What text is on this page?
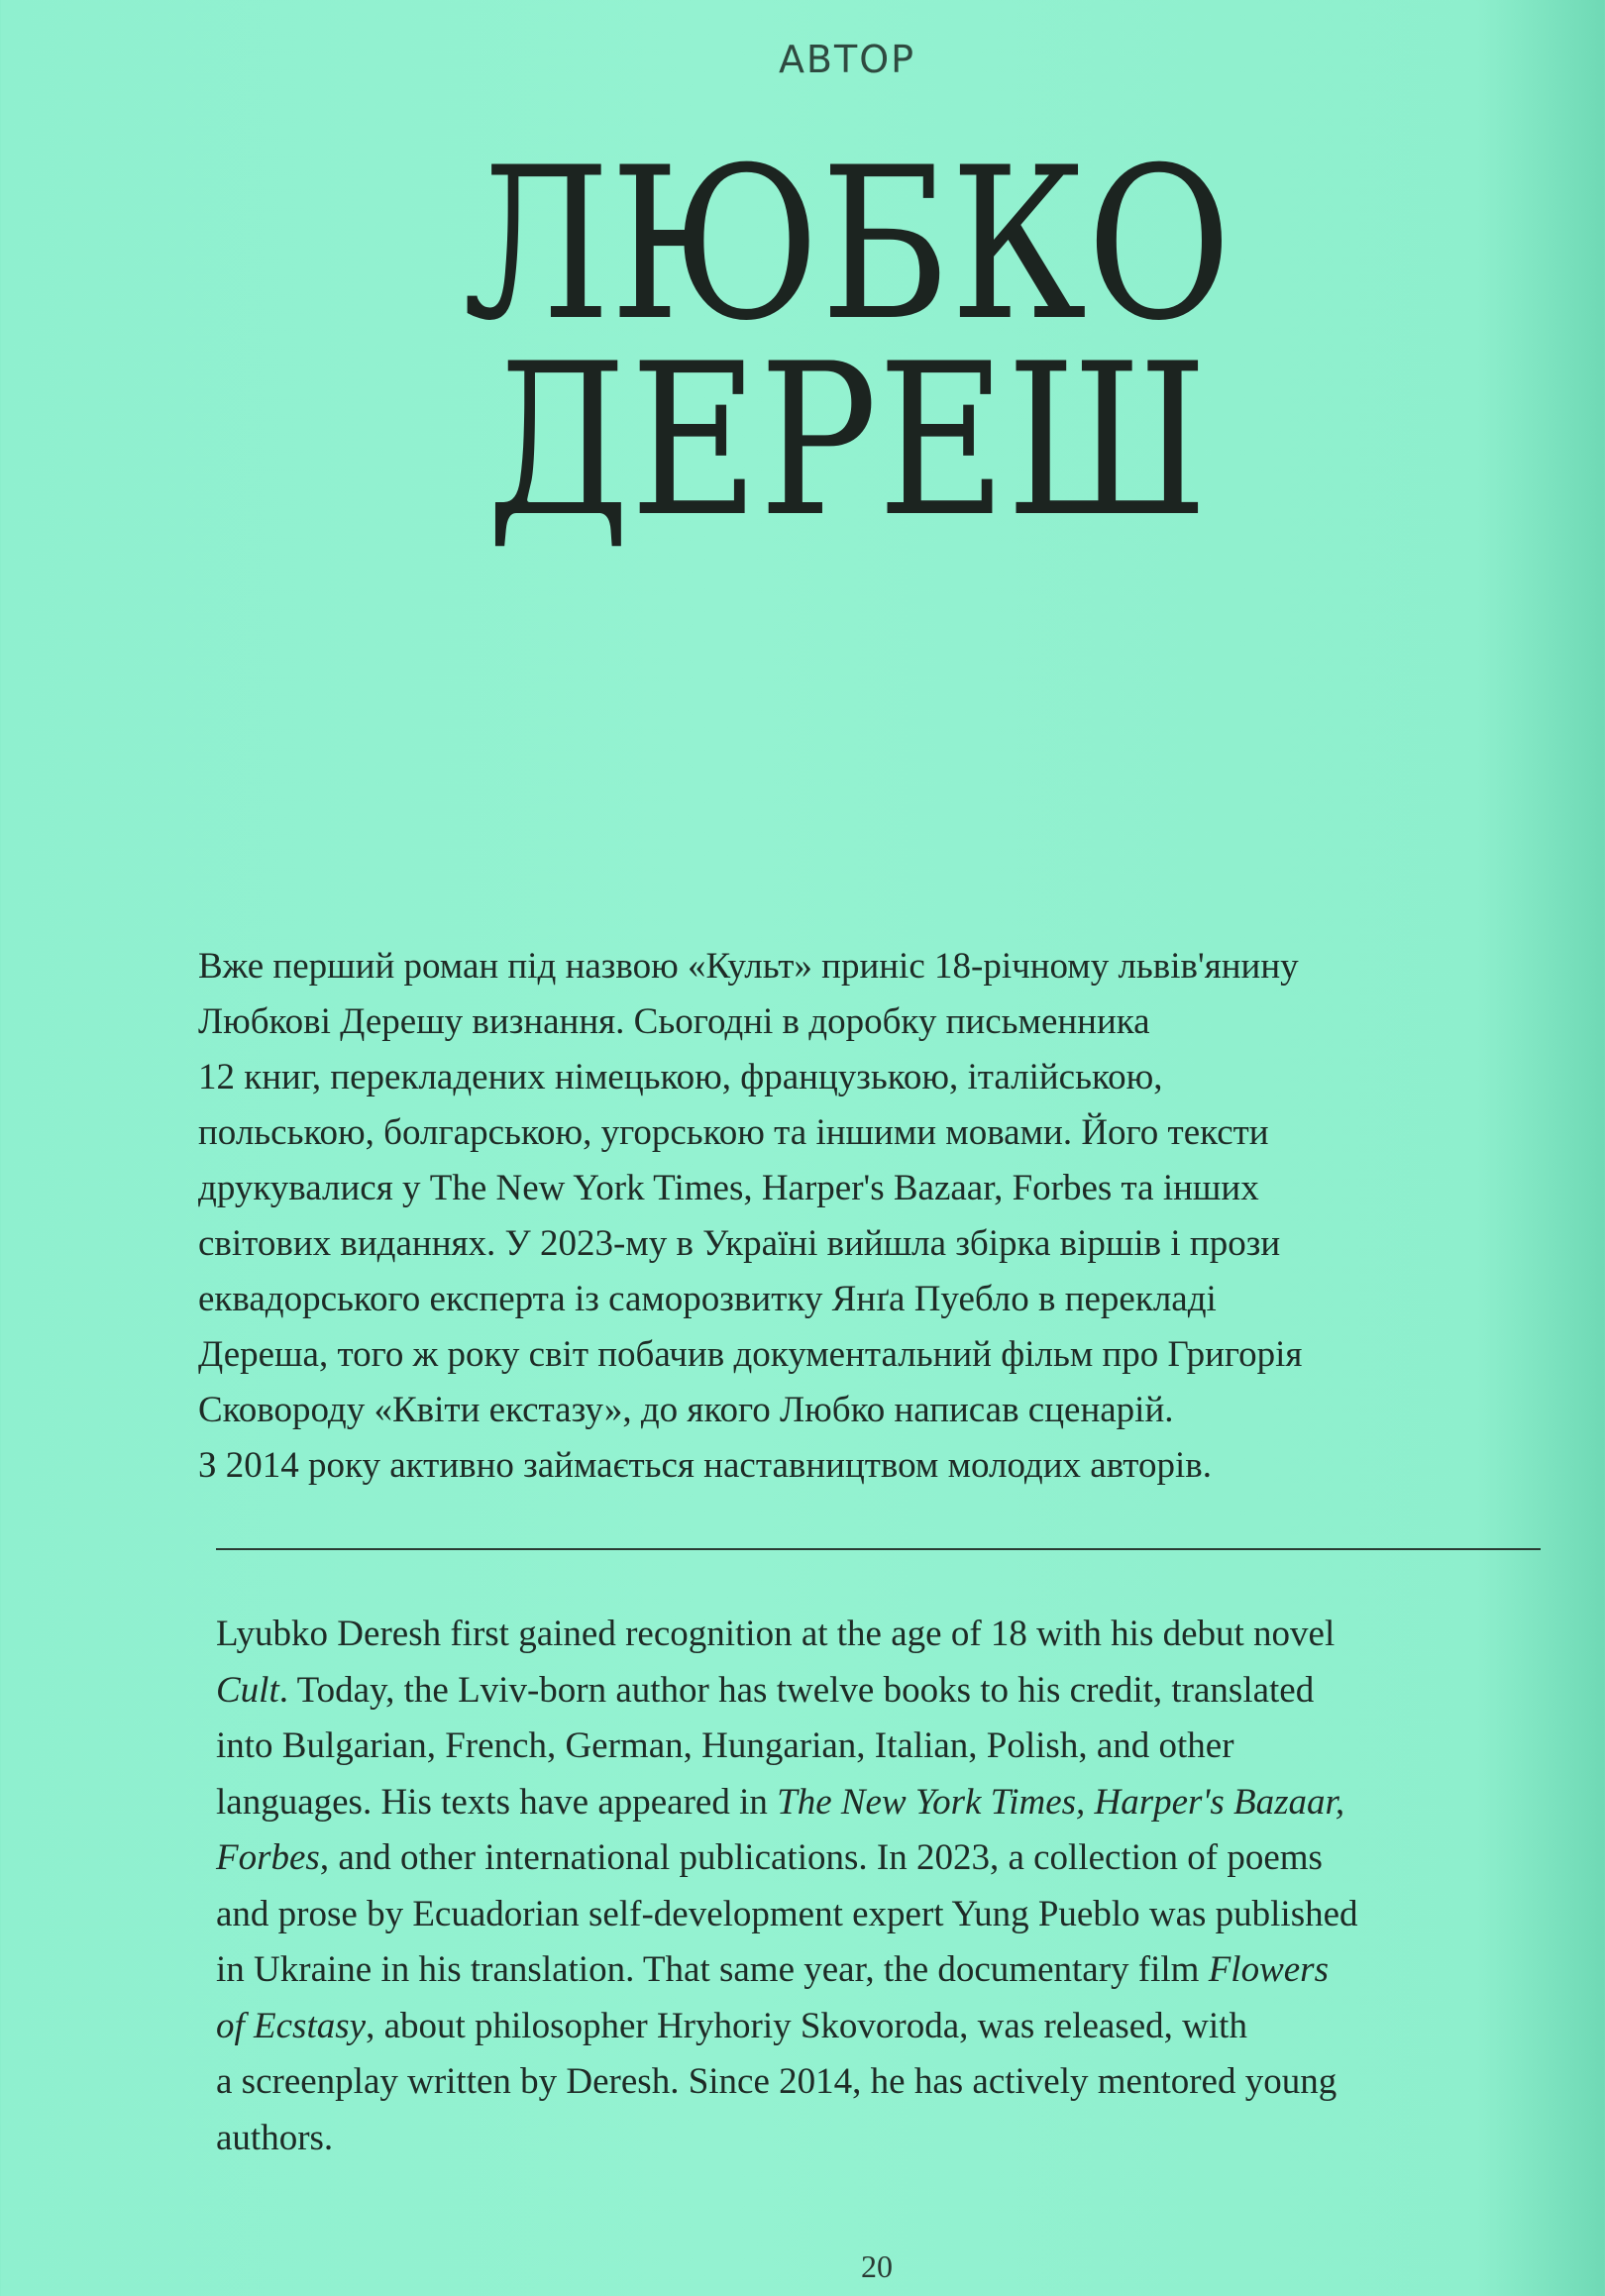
АВТОР
ЛЮБКО
ДЕРЕШ
Вже перший роман під назвою «Культ» приніс 18-річному львів'янину
Любкові Дерешу визнання. Сьогодні в доробку письменника
12 книг, перекладених німецькою, французькою, італійською,
польською, болгарською, угорською та іншими мовами. Його тексти
друкувалися у The New York Times, Harper's Bazaar, Forbes та інших
світових виданнях. У 2023-му в Україні вийшла збірка віршів і прози
еквадорського експерта із саморозвитку Янґа Пуебло в перекладі
Дереша, того ж року світ побачив документальний фільм про Григорія
Сковороду «Квіти екстазу», до якого Любко написав сценарій.
З 2014 року активно займається наставництвом молодих авторів.
Lyubko Deresh first gained recognition at the age of 18 with his debut novel
Cult. Today, the Lviv-born author has twelve books to his credit, translated
into Bulgarian, French, German, Hungarian, Italian, Polish, and other
languages. His texts have appeared in The New York Times, Harper's Bazaar,
Forbes, and other international publications. In 2023, a collection of poems
and prose by Ecuadorian self-development expert Yung Pueblo was published
in Ukraine in his translation. That same year, the documentary film Flowers
of Ecstasy, about philosopher Hryhoriy Skovoroda, was released, with
a screenplay written by Deresh. Since 2014, he has actively mentored young
authors.
20
